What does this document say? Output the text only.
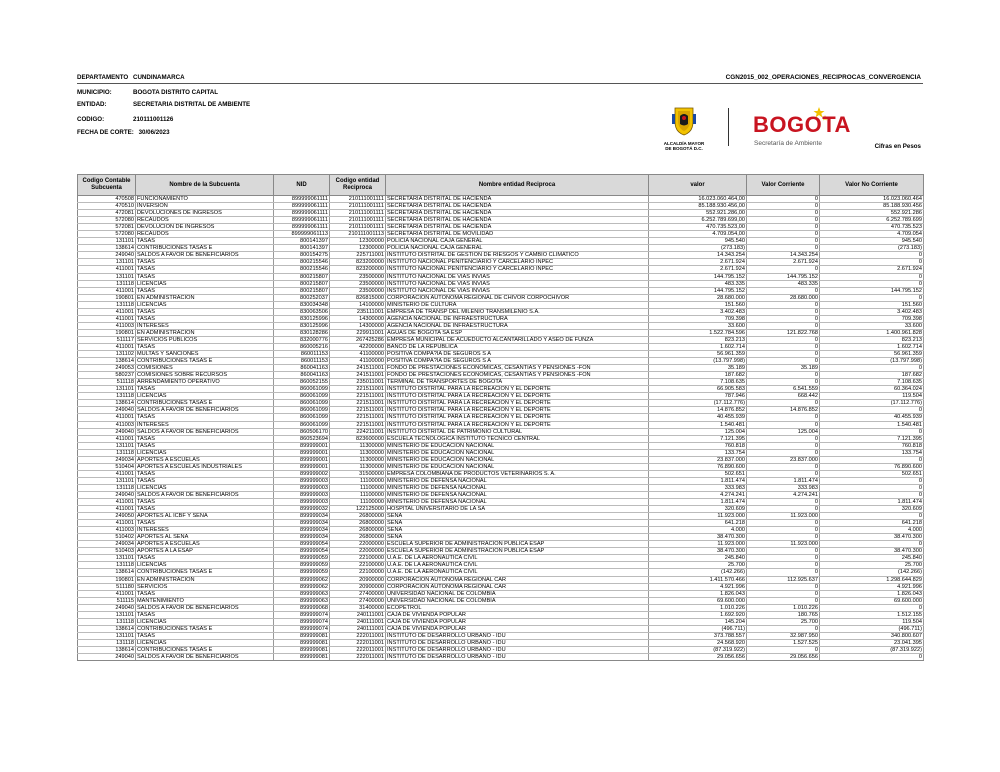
DEPARTAMENTO CUNDINAMARCA	CGN2015_002_OPERACIONES_RECIPROCAS_CONVERGENCIA
MUNICIPIO:	BOGOTA DISTRITO CAPITAL
ENTIDAD:	SECRETARIA DISTRITAL DE AMBIENTE
CODIGO:	210111001126
FECHA DE CORTE: 30/06/2023
ALCALDÍA MAYOR
DE BOGOTÁ D.C.
BOGOTA
Secretaría de Ambiente	Cifras en Pesos
Codigo Contable Subcuenta	Nombre de la Subcuenta	NID	Codigo entidad Reciproca	Nombre entidad Reciproca	valor	Valor Corriente	Valor No Corriente
470508	FUNCIONAMIENTO	899999061111	210111001111	SECRETARIA DISTRITAL DE HACIENDA	16.023.060.464,00	0	16.023.060.464
470510	INVERSION	899999061111	210111001111	SECRETARIA DISTRITAL DE HACIENDA	85.188.930.456,00	0	85.188.930.456
472081	DEVOLUCIONES DE INGRESOS	899999061111	210111001111	SECRETARIA DISTRITAL DE HACIENDA	552.921.286,00	0	552.921.286
572080	RECAUDOS	899999061111	210111001111	SECRETARIA DISTRITAL DE HACIENDA	6.252.789.699,00	0	6.252.789.699
572081	DEVOLUCION DE INGRESOS	899999061111	210111001111	SECRETARIA DISTRITAL DE HACIENDA	470.735.523,00	0	470.735.523
572080	RECAUDOS	899999061113	210111001113	SECRETARIA DISTRITAL DE MOVILIDAD	4.709.054,00	0	4.709.054
131101	TASAS	800141397	12300000	POLICIA NACIONAL CAJA GENERAL	945.540	0	945.540
138614	CONTRIBUCIONES TASAS E	800141397	12300000	POLICIA NACIONAL CAJA GENERAL	(273.183)	0	(273.183)
249040	SALDOS A FAVOR DE BENEFICIARIOS	800154275	225711001	INSTITUTO DISTRITAL DE GESTION DE RIESGOS Y CAMBIO CLIMATICO	14.343.254	14.343.254	0
131101	TASAS	800215546	823200000	INSTITUTO NACIONAL PENITENCIARIO Y CARCELARIO INPEC	2.671.924	2.671.924	0
411001	TASAS	800215546	823200000	INSTITUTO NACIONAL PENITENCIARIO Y CARCELARIO INPEC	2.671.924	0	2.671.924
131101	TASAS	800215807	23500000	INSTITUTO NACIONAL DE VIAS INVIAS	144.795.152	144.795.152	0
131118	LICENCIAS	800215807	23500000	INSTITUTO NACIONAL DE VIAS INVIAS	483.335	483.335	0
411001	TASAS	800215807	23500000	INSTITUTO NACIONAL DE VIAS INVIAS	144.795.152	0	144.795.152
190801	EN ADMINISTRACION	800252037	826815000	CORPORACION AUTONOMA REGIONAL DE CHIVOR CORPOCHIVOR	28.680.000	28.680.000	0
131118	LICENCIAS	830034348	14100000	MINISTERIO DE CULTURA	151.560	0	151.560
411001	TASAS	830063506	235111001	EMPRESA DE TRANSP DEL MILENIO TRANSMILENIO S.A.	3.402.483	0	3.402.483
411001	TASAS	830125996	14300000	AGENCIA NACIONAL DE INFRAESTRUCTURA	709.398	0	709.398
411003	INTERESES	830125996	14300000	AGENCIA NACIONAL DE INFRAESTRUCTURA	33.600	0	33.600
190801	EN ADMINISTRACION	830128286	229911001	AGUAS DE BOGOTA SA ESP	1.522.784.596	121.822.768	1.400.961.828
511117	SERVICIOS PUBLICOS	832000776	267425286	EMPRESA MUNICIPAL DE ACUEDUCTO ALCANTARILLADO Y ASEO DE FUNZA	823.213	0	823.213
411001	TASAS	860005216	42200000	BANCO DE LA REPUBLICA	1.602.714	0	1.602.714
131102	MULTAS Y SANCIONES	860011153	41100000	POSITIVA COMPA?IA DE SEGUROS S A	56.961.359	0	56.961.359
138614	CONTRIBUCIONES TASAS E	860011153	41100000	POSITIVA COMPA?IA DE SEGUROS S A	(13.797.998)	0	(13.797.998)
249053	COMISIONES	860041163	241511001	FONDO DE PRESTACIONES ECONOMICAS, CESANTIAS Y PENSIONES -FON	35.189	35.189	0
580237	COMISIONES SOBRE RECURSOS	860041163	241511001	FONDO DE PRESTACIONES ECONOMICAS, CESANTIAS Y PENSIONES -FON	187.682	0	187.682
511118	ARRENDAMIENTO OPERATIVO	860052155	235011001	TERMINAL DE TRANSPORTES DE BOGOTA	7.108.635	0	7.108.635
131101	TASAS	860061099	221511001	INSTITUTO DISTRITAL PARA LA RECREACION Y EL DEPORTE	66.905.583	6.541.559	60.364.024
131118	LICENCIAS	860061099	221511001	INSTITUTO DISTRITAL PARA LA RECREACION Y EL DEPORTE	787.946	668.442	119.504
138614	CONTRIBUCIONES TASAS E	860061099	221511001	INSTITUTO DISTRITAL PARA LA RECREACION Y EL DEPORTE	(17.112.776)	0	(17.112.776)
249040	SALDOS A FAVOR DE BENEFICIARIOS	860061099	221511001	INSTITUTO DISTRITAL PARA LA RECREACION Y EL DEPORTE	14.876.852	14.876.852	0
411001	TASAS	860061099	221511001	INSTITUTO DISTRITAL PARA LA RECREACION Y EL DEPORTE	40.455.939	0	40.455.939
411003	INTERESES	860061099	221511001	INSTITUTO DISTRITAL PARA LA RECREACION Y EL DEPORTE	1.540.481	0	1.540.481
249040	SALDOS A FAVOR DE BENEFICIARIOS	860506170	224211001	INSTITUTO DISTRITAL DE PATRIMONIO CULTURAL	125.004	125.004	0
411001	TASAS	860523694	823600000	ESCUELA TECNOLOGICA INSTITUTO TECNICO CENTRAL	7.121.395	0	7.121.395
131101	TASAS	899999001	11300000	MINISTERIO DE EDUCACION NACIONAL	760.818	0	760.818
131118	LICENCIAS	899999001	11300000	MINISTERIO DE EDUCACION NACIONAL	133.754	0	133.754
249034	APORTES A ESCUELAS	899999001	11300000	MINISTERIO DE EDUCACION NACIONAL	23.837.000	23.837.000	0
510404	APORTES A ESCUELAS INDUSTRIALES	899999001	11300000	MINISTERIO DE EDUCACION NACIONAL	76.890.600	0	76.890.600
411001	TASAS	899999002	31500000	EMPRESA COLOMBIANA DE PRODUCTOS VETERINARIOS S. A.	502.651	0	502.651
131101	TASAS	899999003	11100000	MINISTERIO DE DEFENSA NACIONAL	1.811.474	1.811.474	0
131118	LICENCIAS	899999003	11100000	MINISTERIO DE DEFENSA NACIONAL	333.983	333.983	0
249040	SALDOS A FAVOR DE BENEFICIARIOS	899999003	11100000	MINISTERIO DE DEFENSA NACIONAL	4.274.241	4.274.241	0
411001	TASAS	899999003	11100000	MINISTERIO DE DEFENSA NACIONAL	1.811.474	0	1.811.474
411001	TASAS	899999032	122125000	HOSPITAL UNIVERSITARIO DE LA SA	320.609	0	320.609
249050	APORTES AL ICBF Y SENA	899999034	26800000	SENA	11.923.000	11.923.000	0
411001	TASAS	899999034	26800000	SENA	641.218	0	641.218
411003	INTERESES	899999034	26800000	SENA	4.000	0	4.000
510402	APORTES AL SENA	899999034	26800000	SENA	38.470.300	0	38.470.300
249034	APORTES A ESCUELAS	899999054	22000000	ESCUELA SUPERIOR DE ADMINISTRACION PUBLICA ESAP	11.923.000	11.923.000	0
510403	APORTES A LA ESAP	899999054	22000000	ESCUELA SUPERIOR DE ADMINISTRACION PUBLICA ESAP	38.470.300	0	38.470.300
131101	TASAS	899999059	22100000	U.A.E. DE LA AERONAUTICA CIVIL	245.840	0	245.840
131118	LICENCIAS	899999059	22100000	U.A.E. DE LA AERONAUTICA CIVIL	25.700	0	25.700
138614	CONTRIBUCIONES TASAS E	899999059	22100000	U.A.E. DE LA AERONAUTICA CIVIL	(142.266)	0	(142.266)
190801	EN ADMINISTRACION	899999062	20900000	CORPORACION AUTONOMA REGIONAL CAR	1.411.570.466	112.925.637	1.298.644.829
511180	SERVICIOS	899999062	20900000	CORPORACION AUTONOMA REGIONAL CAR	4.921.996	0	4.921.996
411001	TASAS	899999063	27400000	UNIVERSIDAD NACIONAL DE COLOMBIA	1.826.043	0	1.826.043
511115	MANTENIMIENTO	899999063	27400000	UNIVERSIDAD NACIONAL DE COLOMBIA	69.600.000	0	69.600.000
249040	SALDOS A FAVOR DE BENEFICIARIOS	899999068	31400000	ECOPETROL	1.010.226	1.010.226	0
131101	TASAS	899999074	240111001	CAJA DE VIVIENDA POPULAR	1.692.920	180.765	1.512.155
131118	LICENCIAS	899999074	240111001	CAJA DE VIVIENDA POPULAR	145.204	25.700	119.504
138614	CONTRIBUCIONES TASAS E	899999074	240111001	CAJA DE VIVIENDA POPULAR	(496.711)	0	(496.711)
131101	TASAS	899999081	222011001	INSTITUTO DE DESARROLLO URBANO - IDU	373.788.557	32.987.950	340.800.607
131118	LICENCIAS	899999081	222011001	INSTITUTO DE DESARROLLO URBANO - IDU	24.568.920	1.527.525	23.041.395
138614	CONTRIBUCIONES TASAS E	899999081	222011001	INSTITUTO DE DESARROLLO URBANO - IDU	(87.319.922)	0	(87.319.922)
249040	SALDOS A FAVOR DE BENEFICIARIOS	899999081	222011001	INSTITUTO DE DESARROLLO URBANO - IDU	29.056.656	29.056.656	0
